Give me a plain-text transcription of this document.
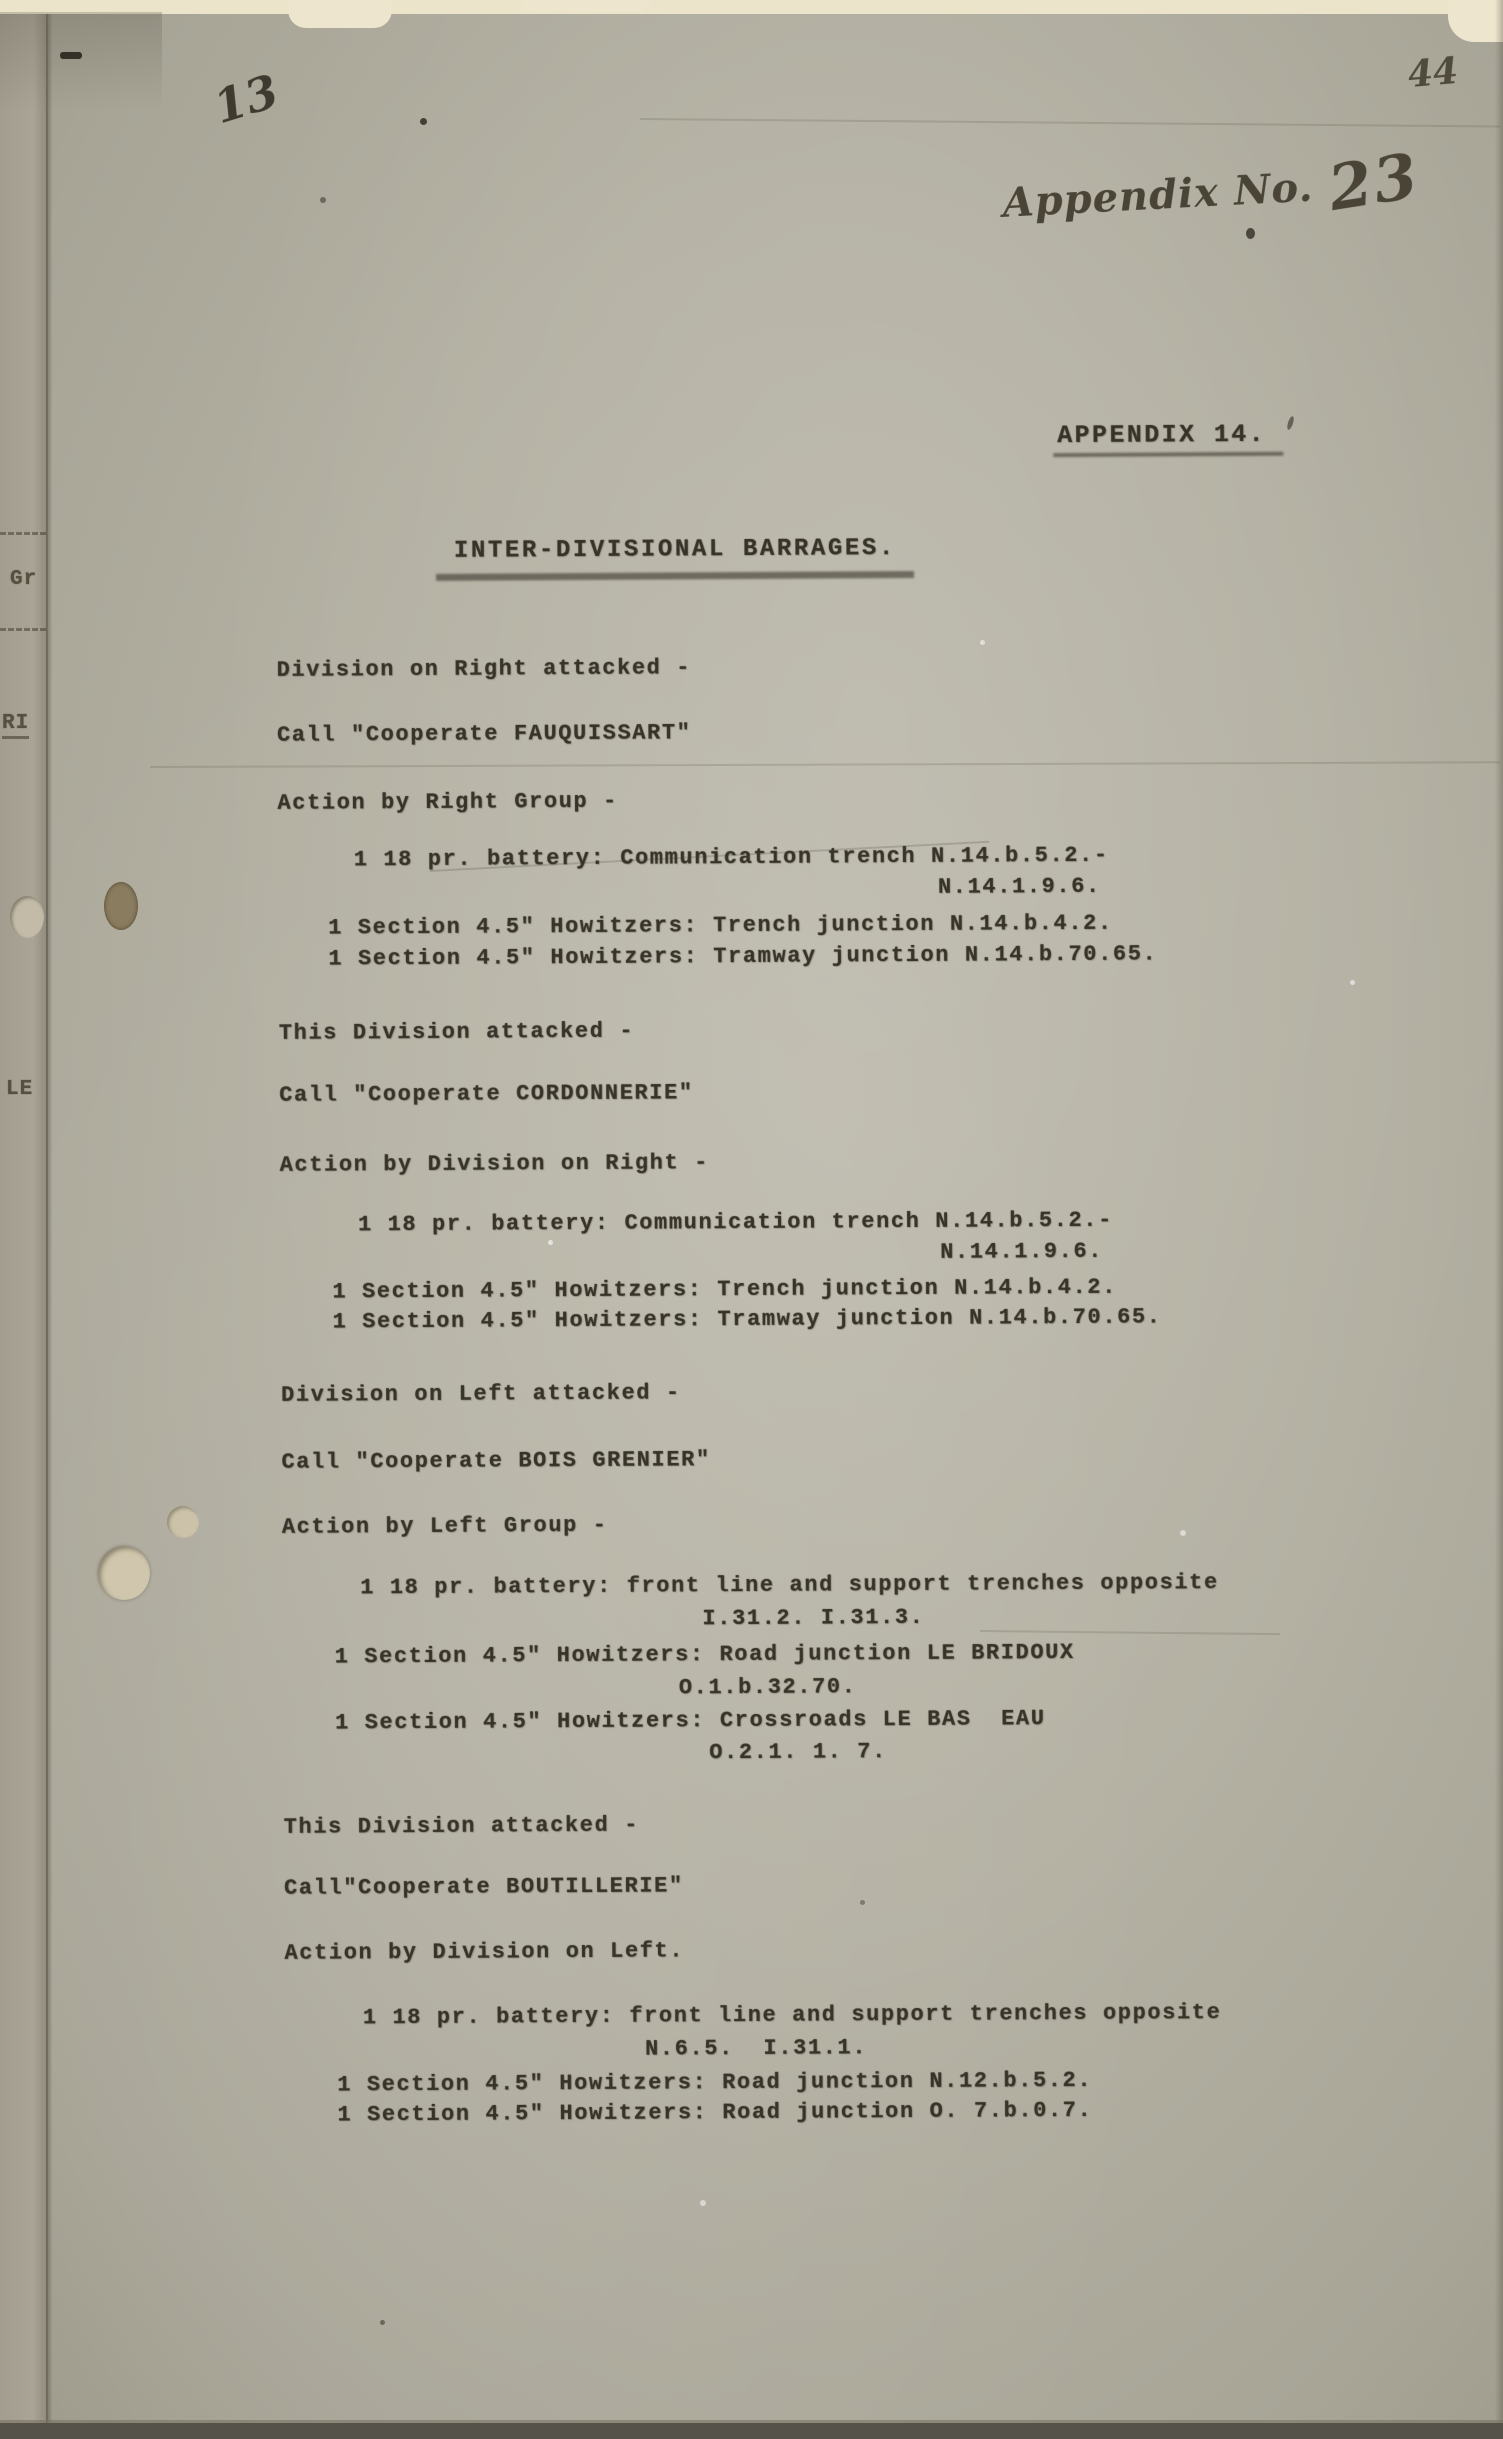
Gr
RI
LE
13	44
Appendix No. 23
APPENDIX 14.
INTER-DIVISIONAL BARRAGES.
Division on Right attacked -
Call "Cooperate FAUQUISSART"
Action by Right Group -
1 18 pr. battery: Communication trench N.14.b.5.2.-
N.14.1.9.6.
1 Section 4.5" Howitzers: Trench junction N.14.b.4.2.
1 Section 4.5" Howitzers: Tramway junction N.14.b.70.65.
This Division attacked -
Call "Cooperate CORDONNERIE"
Action by Division on Right -
1 18 pr. battery: Communication trench N.14.b.5.2.-
N.14.1.9.6.
1 Section 4.5" Howitzers: Trench junction N.14.b.4.2.
1 Section 4.5" Howitzers: Tramway junction N.14.b.70.65.
Division on Left attacked -
Call "Cooperate BOIS GRENIER"
Action by Left Group -
1 18 pr. battery: front line and support trenches opposite
I.31.2. I.31.3.
1 Section 4.5" Howitzers: Road junction LE BRIDOUX
O.1.b.32.70.
1 Section 4.5" Howitzers: Crossroads LE BAS  EAU
O.2.1. 1. 7.
This Division attacked -
Call"Cooperate BOUTILLERIE"
Action by Division on Left.
1 18 pr. battery: front line and support trenches opposite
N.6.5.  I.31.1.
1 Section 4.5" Howitzers: Road junction N.12.b.5.2.
1 Section 4.5" Howitzers: Road junction O. 7.b.0.7.
